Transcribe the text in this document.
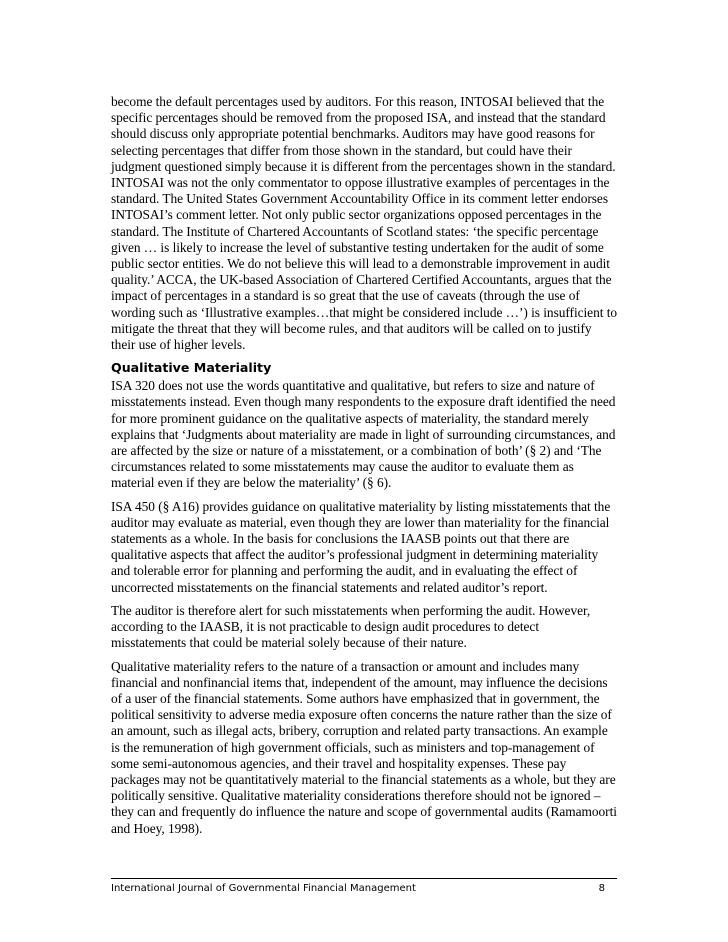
become the default percentages used by auditors. For this reason, INTOSAI believed that the specific percentages should be removed from the proposed ISA, and instead that the standard should discuss only appropriate potential benchmarks. Auditors may have good reasons for selecting percentages that differ from those shown in the standard, but could have their judgment questioned simply because it is different from the percentages shown in the standard. INTOSAI was not the only commentator to oppose illustrative examples of percentages in the standard. The United States Government Accountability Office in its comment letter endorses INTOSAI’s comment letter. Not only public sector organizations opposed percentages in the standard. The Institute of Chartered Accountants of Scotland states: ‘the specific percentage given … is likely to increase the level of substantive testing undertaken for the audit of some public sector entities. We do not believe this will lead to a demonstrable improvement in audit quality.’ ACCA, the UK-based Association of Chartered Certified Accountants, argues that the impact of percentages in a standard is so great that the use of caveats (through the use of wording such as ‘Illustrative examples…that might be considered include …’) is insufficient to mitigate the threat that they will become rules, and that auditors will be called on to justify their use of higher levels.

Qualitative Materiality

ISA 320 does not use the words quantitative and qualitative, but refers to size and nature of misstatements instead. Even though many respondents to the exposure draft identified the need for more prominent guidance on the qualitative aspects of materiality, the standard merely explains that ‘Judgments about materiality are made in light of surrounding circumstances, and are affected by the size or nature of a misstatement, or a combination of both’ (§ 2) and ‘The circumstances related to some misstatements may cause the auditor to evaluate them as material even if they are below the materiality’ (§ 6).

ISA 450 (§ A16) provides guidance on qualitative materiality by listing misstatements that the auditor may evaluate as material, even though they are lower than materiality for the financial statements as a whole. In the basis for conclusions the IAASB points out that there are qualitative aspects that affect the auditor’s professional judgment in determining materiality and tolerable error for planning and performing the audit, and in evaluating the effect of uncorrected misstatements on the financial statements and related auditor’s report.

The auditor is therefore alert for such misstatements when performing the audit. However, according to the IAASB, it is not practicable to design audit procedures to detect misstatements that could be material solely because of their nature.

Qualitative materiality refers to the nature of a transaction or amount and includes many financial and nonfinancial items that, independent of the amount, may influence the decisions of a user of the financial statements. Some authors have emphasized that in government, the political sensitivity to adverse media exposure often concerns the nature rather than the size of an amount, such as illegal acts, bribery, corruption and related party transactions. An example is the remuneration of high government officials, such as ministers and top-management of some semi-autonomous agencies, and their travel and hospitality expenses. These pay packages may not be quantitatively material to the financial statements as a whole, but they are politically sensitive. Qualitative materiality considerations therefore should not be ignored – they can and frequently do influence the nature and scope of governmental audits (Ramamoorti and Hoey, 1998).

International Journal of Governmental Financial Management	8
